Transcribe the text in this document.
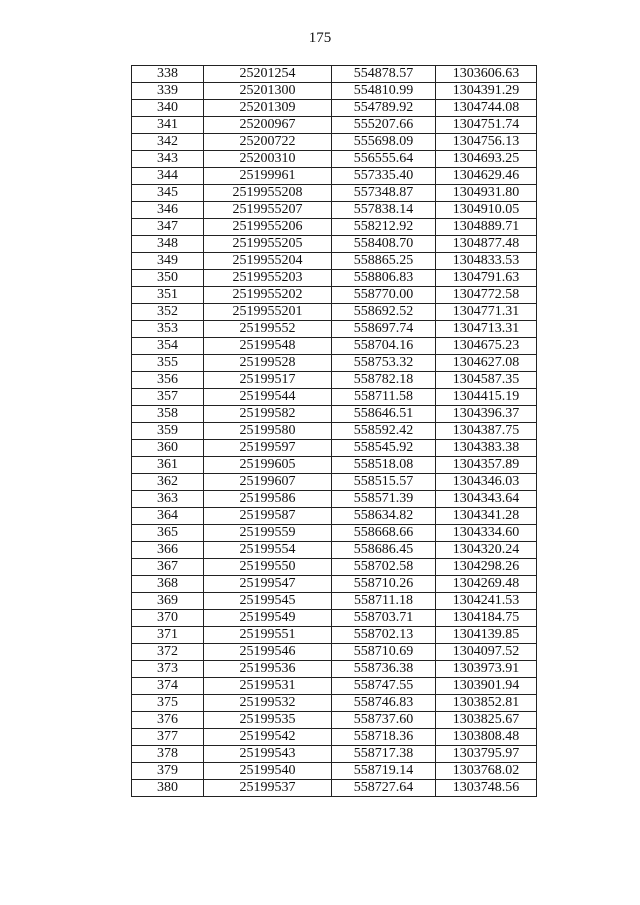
175
338	25201254	554878.57	1303606.63
339	25201300	554810.99	1304391.29
340	25201309	554789.92	1304744.08
341	25200967	555207.66	1304751.74
342	25200722	555698.09	1304756.13
343	25200310	556555.64	1304693.25
344	25199961	557335.40	1304629.46
345	2519955208	557348.87	1304931.80
346	2519955207	557838.14	1304910.05
347	2519955206	558212.92	1304889.71
348	2519955205	558408.70	1304877.48
349	2519955204	558865.25	1304833.53
350	2519955203	558806.83	1304791.63
351	2519955202	558770.00	1304772.58
352	2519955201	558692.52	1304771.31
353	25199552	558697.74	1304713.31
354	25199548	558704.16	1304675.23
355	25199528	558753.32	1304627.08
356	25199517	558782.18	1304587.35
357	25199544	558711.58	1304415.19
358	25199582	558646.51	1304396.37
359	25199580	558592.42	1304387.75
360	25199597	558545.92	1304383.38
361	25199605	558518.08	1304357.89
362	25199607	558515.57	1304346.03
363	25199586	558571.39	1304343.64
364	25199587	558634.82	1304341.28
365	25199559	558668.66	1304334.60
366	25199554	558686.45	1304320.24
367	25199550	558702.58	1304298.26
368	25199547	558710.26	1304269.48
369	25199545	558711.18	1304241.53
370	25199549	558703.71	1304184.75
371	25199551	558702.13	1304139.85
372	25199546	558710.69	1304097.52
373	25199536	558736.38	1303973.91
374	25199531	558747.55	1303901.94
375	25199532	558746.83	1303852.81
376	25199535	558737.60	1303825.67
377	25199542	558718.36	1303808.48
378	25199543	558717.38	1303795.97
379	25199540	558719.14	1303768.02
380	25199537	558727.64	1303748.56
